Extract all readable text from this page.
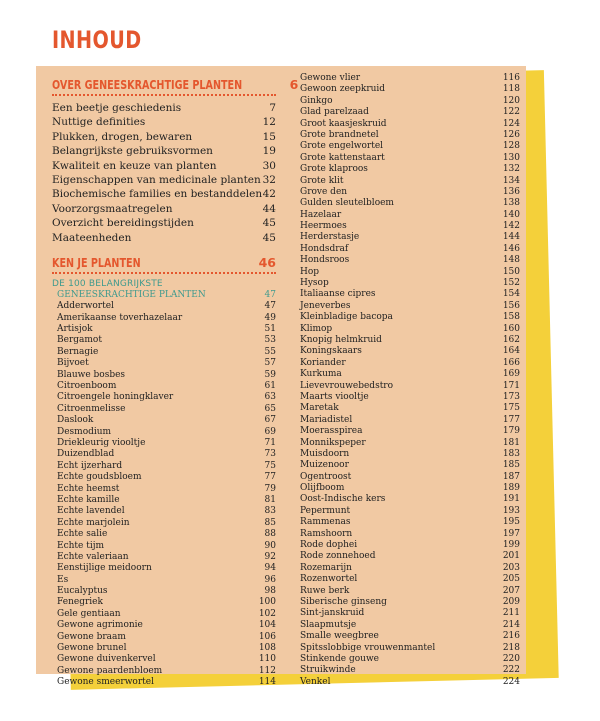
INHOUD
OVER GENEESKRACHTIGE PLANTEN	6
Een beetje geschiedenis	7
Nuttige definities	12
Plukken, drogen, bewaren	15
Belangrijkste gebruiksvormen	19
Kwaliteit en keuze van planten	30
Eigenschappen van medicinale planten 32
Biochemische families en bestanddelen 42
Voorzorgsmaatregelen	44
Overzicht bereidingstijden	45
Maateenheden	45
KEN JE PLANTEN	46
DE 100 BELANGRIJKSTE
GENEESKRACHTIGE PLANTEN	47
Adderwortel	47
Amerikaanse toverhazelaar	49
Artisjok	51
Bergamot	53
Bernagie	55
Bijvoet	57
Blauwe bosbes	59
Citroenboom	61
Citroengele honingklaver	63
Citroenmelisse	65
Daslook	67
Desmodium	69
Driekleurig viooltje	71
Duizendblad	73
Echt ijzerhard	75
Echte goudsbloem	77
Echte heemst	79
Echte kamille	81
Echte lavendel	83
Echte marjolein	85
Echte salie	88
Echte tijm	90
Echte valeriaan	92
Eenstijlige meidoorn	94
Es	96
Eucalyptus	98
Fenegriek	100
Gele gentiaan	102
Gewone agrimonie	104
Gewone braam	106
Gewone brunel	108
Gewone duivenkervel	110
Gewone paardenbloem	112
Gewone smeerwortel	114
Gewone vlier	116
Gewoon zeepkruid	118
Ginkgo	120
Glad parelzaad	122
Groot kaasjeskruid	124
Grote brandnetel	126
Grote engelwortel	128
Grote kattenstaart	130
Grote klaproos	132
Grote klit	134
Grove den	136
Gulden sleutelbloem	138
Hazelaar	140
Heermoes	142
Herderstasje	144
Hondsdraf	146
Hondsroos	148
Hop	150
Hysop	152
Italiaanse cipres	154
Jeneverbes	156
Kleinbladige bacopa	158
Klimop	160
Knopig helmkruid	162
Koningskaars	164
Koriander	166
Kurkuma	169
Lievevrouwebedstro	171
Maarts viooltje	173
Maretak	175
Mariadistel	177
Moerasspirea	179
Monnikspeper	181
Muisdoorn	183
Muizenoor	185
Ogentroost	187
Olijfboom	189
Oost-Indische kers	191
Pepermunt	193
Rammenas	195
Ramshoorn	197
Rode dophei	199
Rode zonnehoed	201
Rozemarijn	203
Rozenwortel	205
Ruwe berk	207
Siberische ginseng	209
Sint-janskruid	211
Slaapmutsje	214
Smalle weegbree	216
Spitsslobbige vrouwenmantel	218
Stinkende gouwe	220
Struikwinde	222
Venkel	224
